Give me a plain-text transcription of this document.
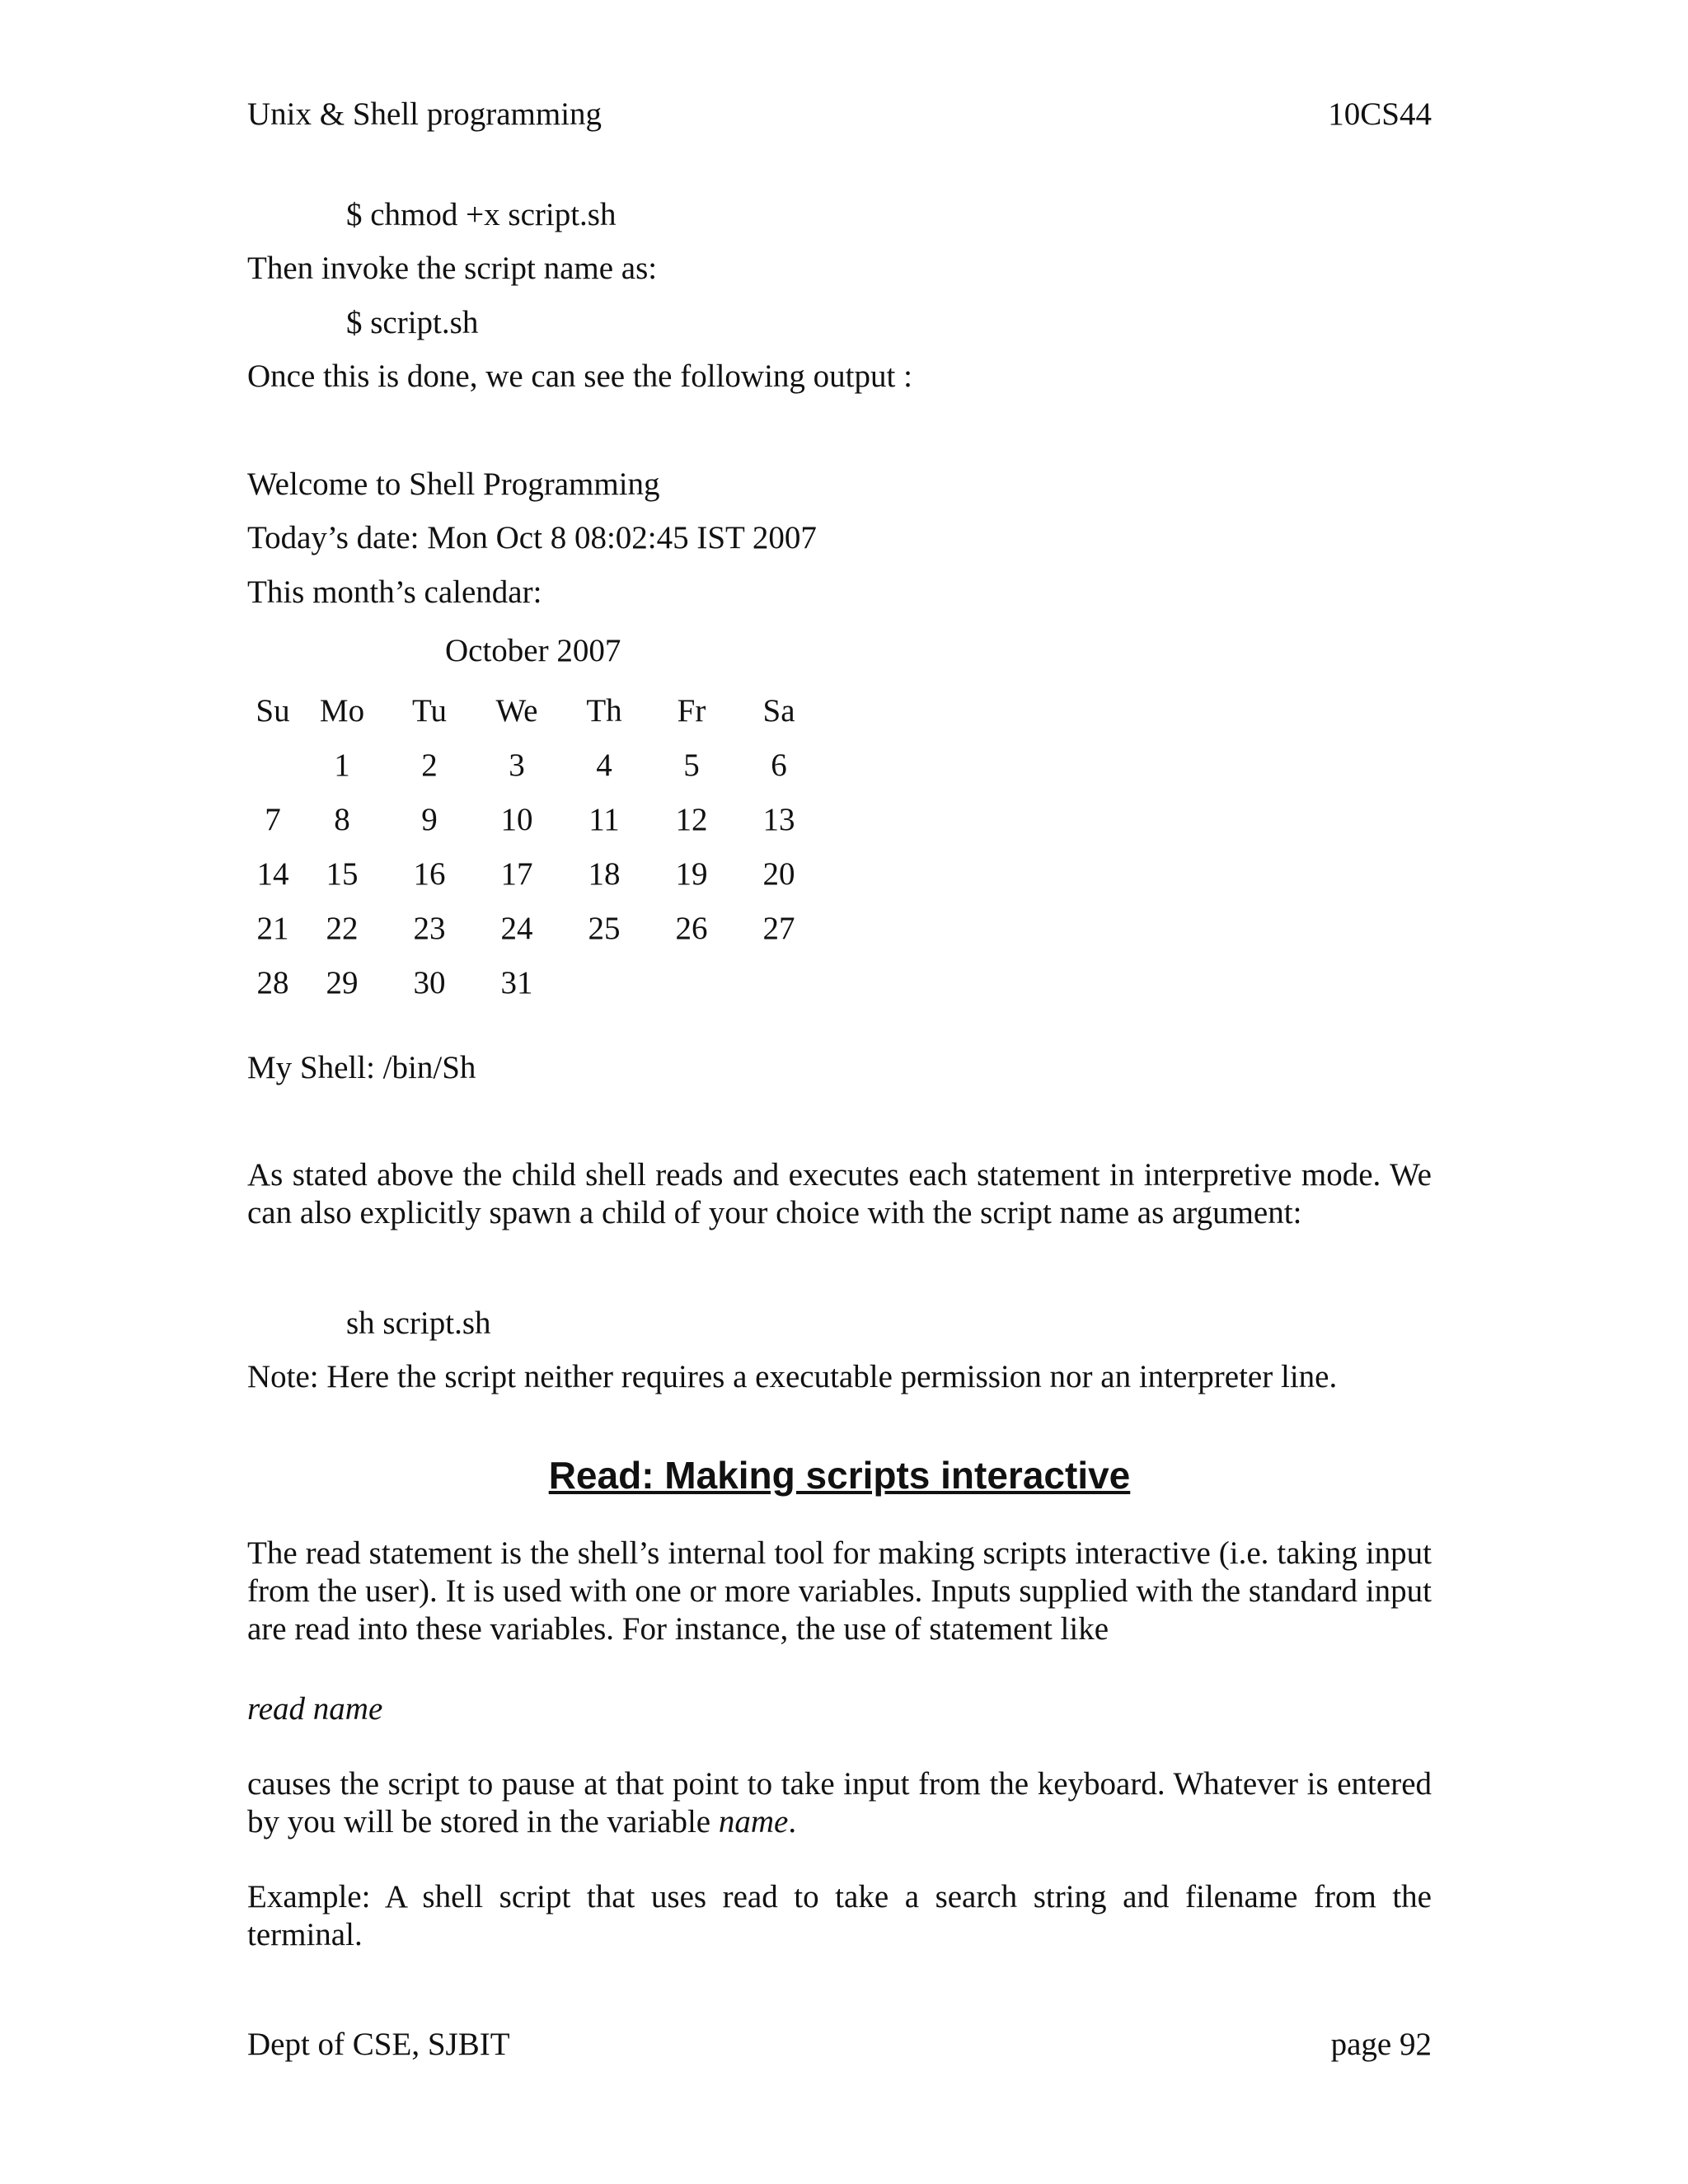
Unix & Shell programming	10CS44
$ chmod +x script.sh
Then invoke the script name as:
$ script.sh
Once this is done, we can see the following output :
Welcome to Shell Programming
Today’s date: Mon Oct 8 08:02:45 IST 2007
This month’s calendar:
October 2007
Su	Mo	Tu	We	Th	Fr	Sa
	1	2	3	4	5	6
7	8	9	10	11	12	13
14	15	16	17	18	19	20
21	22	23	24	25	26	27
28	29	30	31			
My Shell: /bin/Sh

As stated above the child shell reads and executes each statement in interpretive mode. We can also explicitly spawn a child of your choice with the script name as argument:

sh script.sh
Note: Here the script neither requires a executable permission nor an interpreter line.
Read: Making scripts interactive

The read statement is the shell’s internal tool for making scripts interactive (i.e. taking input from the user). It is used with one or more variables. Inputs supplied with the standard input are read into these variables. For instance, the use of statement like

read name

causes the script to pause at that point to take input from the keyboard. Whatever is entered by you will be stored in the variable name.

Example: A shell script that uses read to take a search string and filename from the terminal.

Dept of CSE, SJBIT	page 92
